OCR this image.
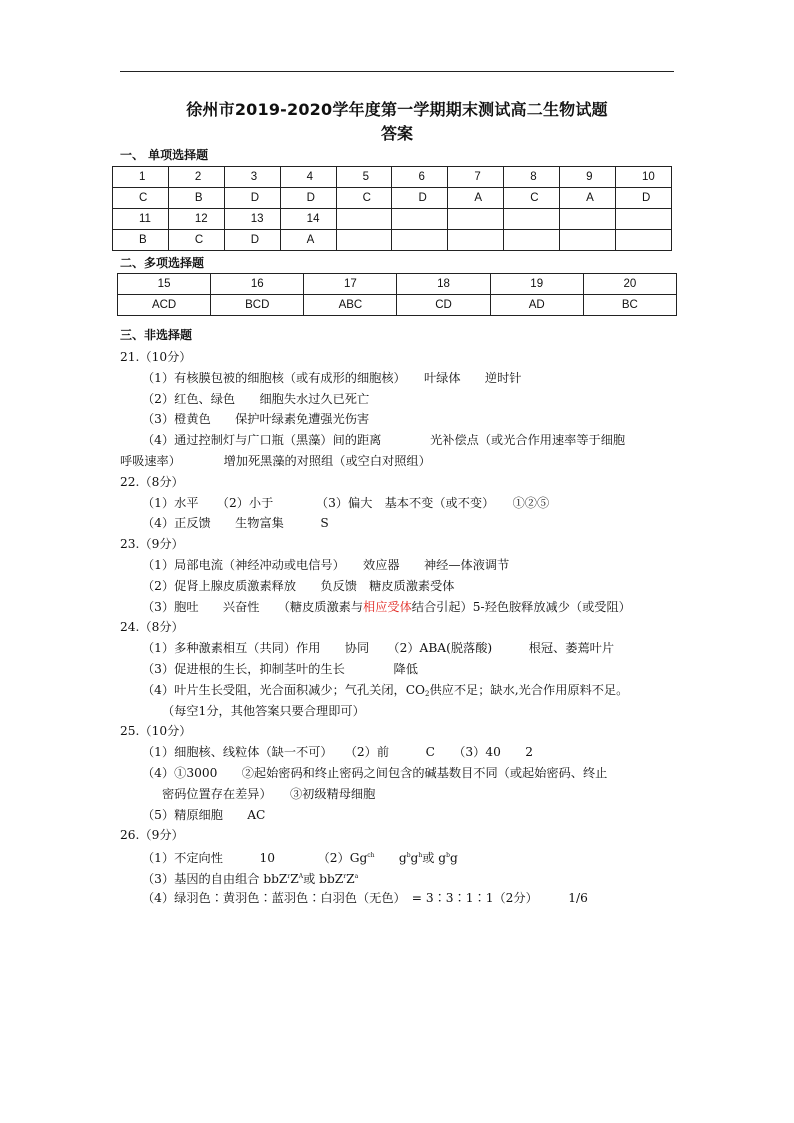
徐州市2019-2020学年度第一学期期末测试高二生物试题
答案
一、 单项选择题
1	2	3	4	5	6	7	8	9	10
C	B	D	D	C	D	A	C	A	D
11	12	13	14						
B	C	D	A						
二、多项选择题
15	16	17	18	19	20
ACD	BCD	ABC	CD	AD	BC
三、非选择题
21.（10分）
（1）有核膜包被的细胞核（或有成形的细胞核）　　叶绿体　　逆时针
（2）红色、绿色　　细胞失水过久已死亡
（3）橙黄色　　保护叶绿素免遭强光伤害
（4）通过控制灯与广口瓶（黑藻）间的距离　　　　光补偿点（或光合作用速率等于细胞
呼吸速率）　　　　增加死黑藻的对照组（或空白对照组）
22.（8分）
（1）水平　　（2）小于　　　　（3）偏大　基本不变（或不变）　　①②⑤
（4）正反馈　　生物富集　　　S
23.（9分）
（1）局部电流（神经冲动或电信号）　　效应器　　神经—体液调节
（2）促肾上腺皮质激素释放　　负反馈　糖皮质激素受体
（3）胞吐　　兴奋性　　（糖皮质激素与相应受体结合引起）5-羟色胺释放减少（或受阻）
24.（8分）
（1）多种激素相互（共同）作用　　协同　　（2）ABA(脱落酸)　　　根冠、萎蔫叶片
（3）促进根的生长，抑制茎叶的生长　　　　降低
（4）叶片生长受阻，光合面积减少；气孔关闭，$CO_2$供应不足；缺水,光合作用原料不足。
（每空1分，其他答案只要合理即可）
25.（10分）
（1）细胞核、线粒体（缺一不可）　　（2）前　　　C　　（3）40　　2
（4）①3000　　②起始密码和终止密码之间包含的碱基数目不同（或起始密码、终止
密码位置存在差异）　　③初级精母细胞
（5）精原细胞　　AC
26.（9分）
（1）不定向性　　　10　　　　$(2)Gg^{ch}$　　$g^bg^h$或 $g^bg$
（3）基因的自由组合 $bbZ^rZ^A$或 $bbZ^rZ^a$
（4）绿羽色∶黄羽色∶蓝羽色∶白羽色（无色）　= 3∶3∶1∶1（2分）　　　1/6
